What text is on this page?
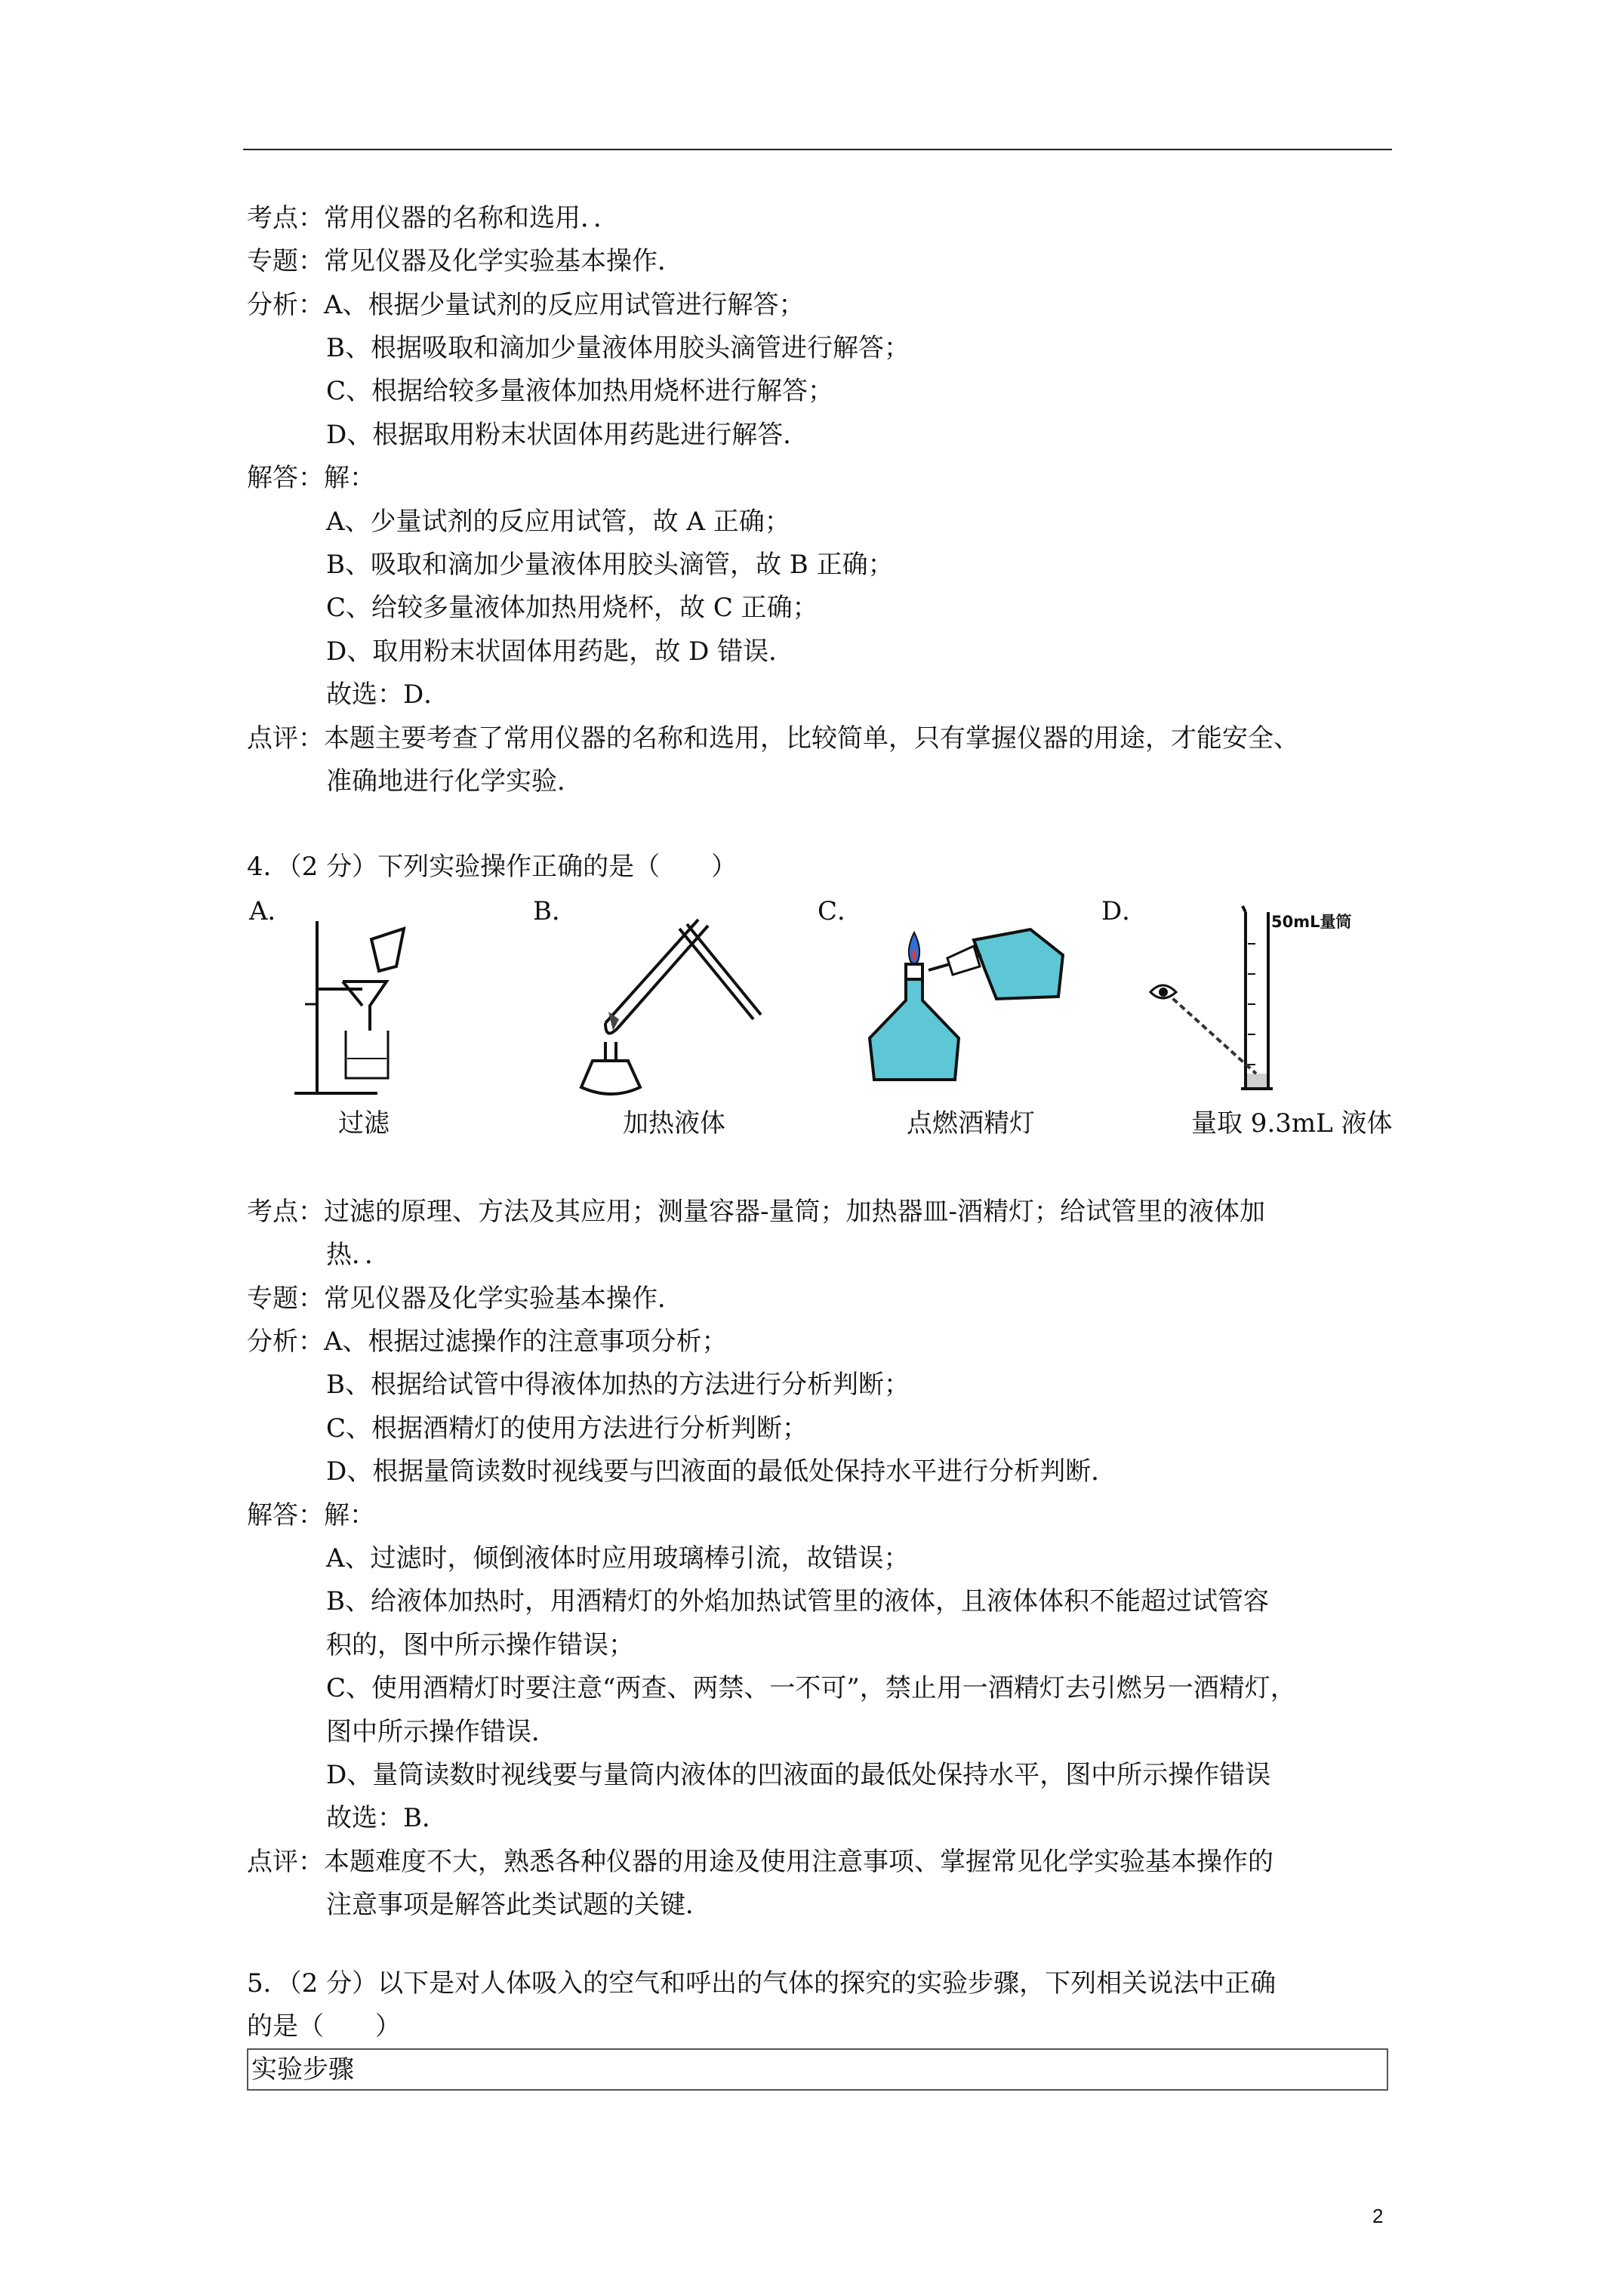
考点：常用仪器的名称和选用．．
专题：常见仪器及化学实验基本操作．
分析：A、根据少量试剂的反应用试管进行解答；
B、根据吸取和滴加少量液体用胶头滴管进行解答；
C、根据给较多量液体加热用烧杯进行解答；
D、根据取用粉末状固体用药匙进行解答．
解答：解：
A、少量试剂的反应用试管，故 A 正确；
B、吸取和滴加少量液体用胶头滴管，故 B 正确；
C、给较多量液体加热用烧杯，故 C 正确；
D、取用粉末状固体用药匙，故 D 错误．
故选：D．
点评：本题主要考查了常用仪器的名称和选用，比较简单，只有掌握仪器的用途，才能安全、
准确地进行化学实验．
4．（2 分）下列实验操作正确的是（　　）
A．	B．	C．	D．	50mL量筒
过滤	加热液体	点燃酒精灯	量取 9.3mL 液体
考点：过滤的原理、方法及其应用；测量容器-量筒；加热器皿-酒精灯；给试管里的液体加
热．．
专题：常见仪器及化学实验基本操作．
分析：A、根据过滤操作的注意事项分析；
B、根据给试管中得液体加热的方法进行分析判断；
C、根据酒精灯的使用方法进行分析判断；
D、根据量筒读数时视线要与凹液面的最低处保持水平进行分析判断．
解答：解：
A、过滤时，倾倒液体时应用玻璃棒引流，故错误；
B、给液体加热时，用酒精灯的外焰加热试管里的液体，且液体体积不能超过试管容
积的，图中所示操作错误；
C、使用酒精灯时要注意“两查、两禁、一不可”，禁止用一酒精灯去引燃另一酒精灯，
图中所示操作错误．
D、量筒读数时视线要与量筒内液体的凹液面的最低处保持水平，图中所示操作错误
故选：B．
点评：本题难度不大，熟悉各种仪器的用途及使用注意事项、掌握常见化学实验基本操作的
注意事项是解答此类试题的关键．
5．（2 分）以下是对人体吸入的空气和呼出的气体的探究的实验步骤，下列相关说法中正确
的是（　　）
实验步骤
2
